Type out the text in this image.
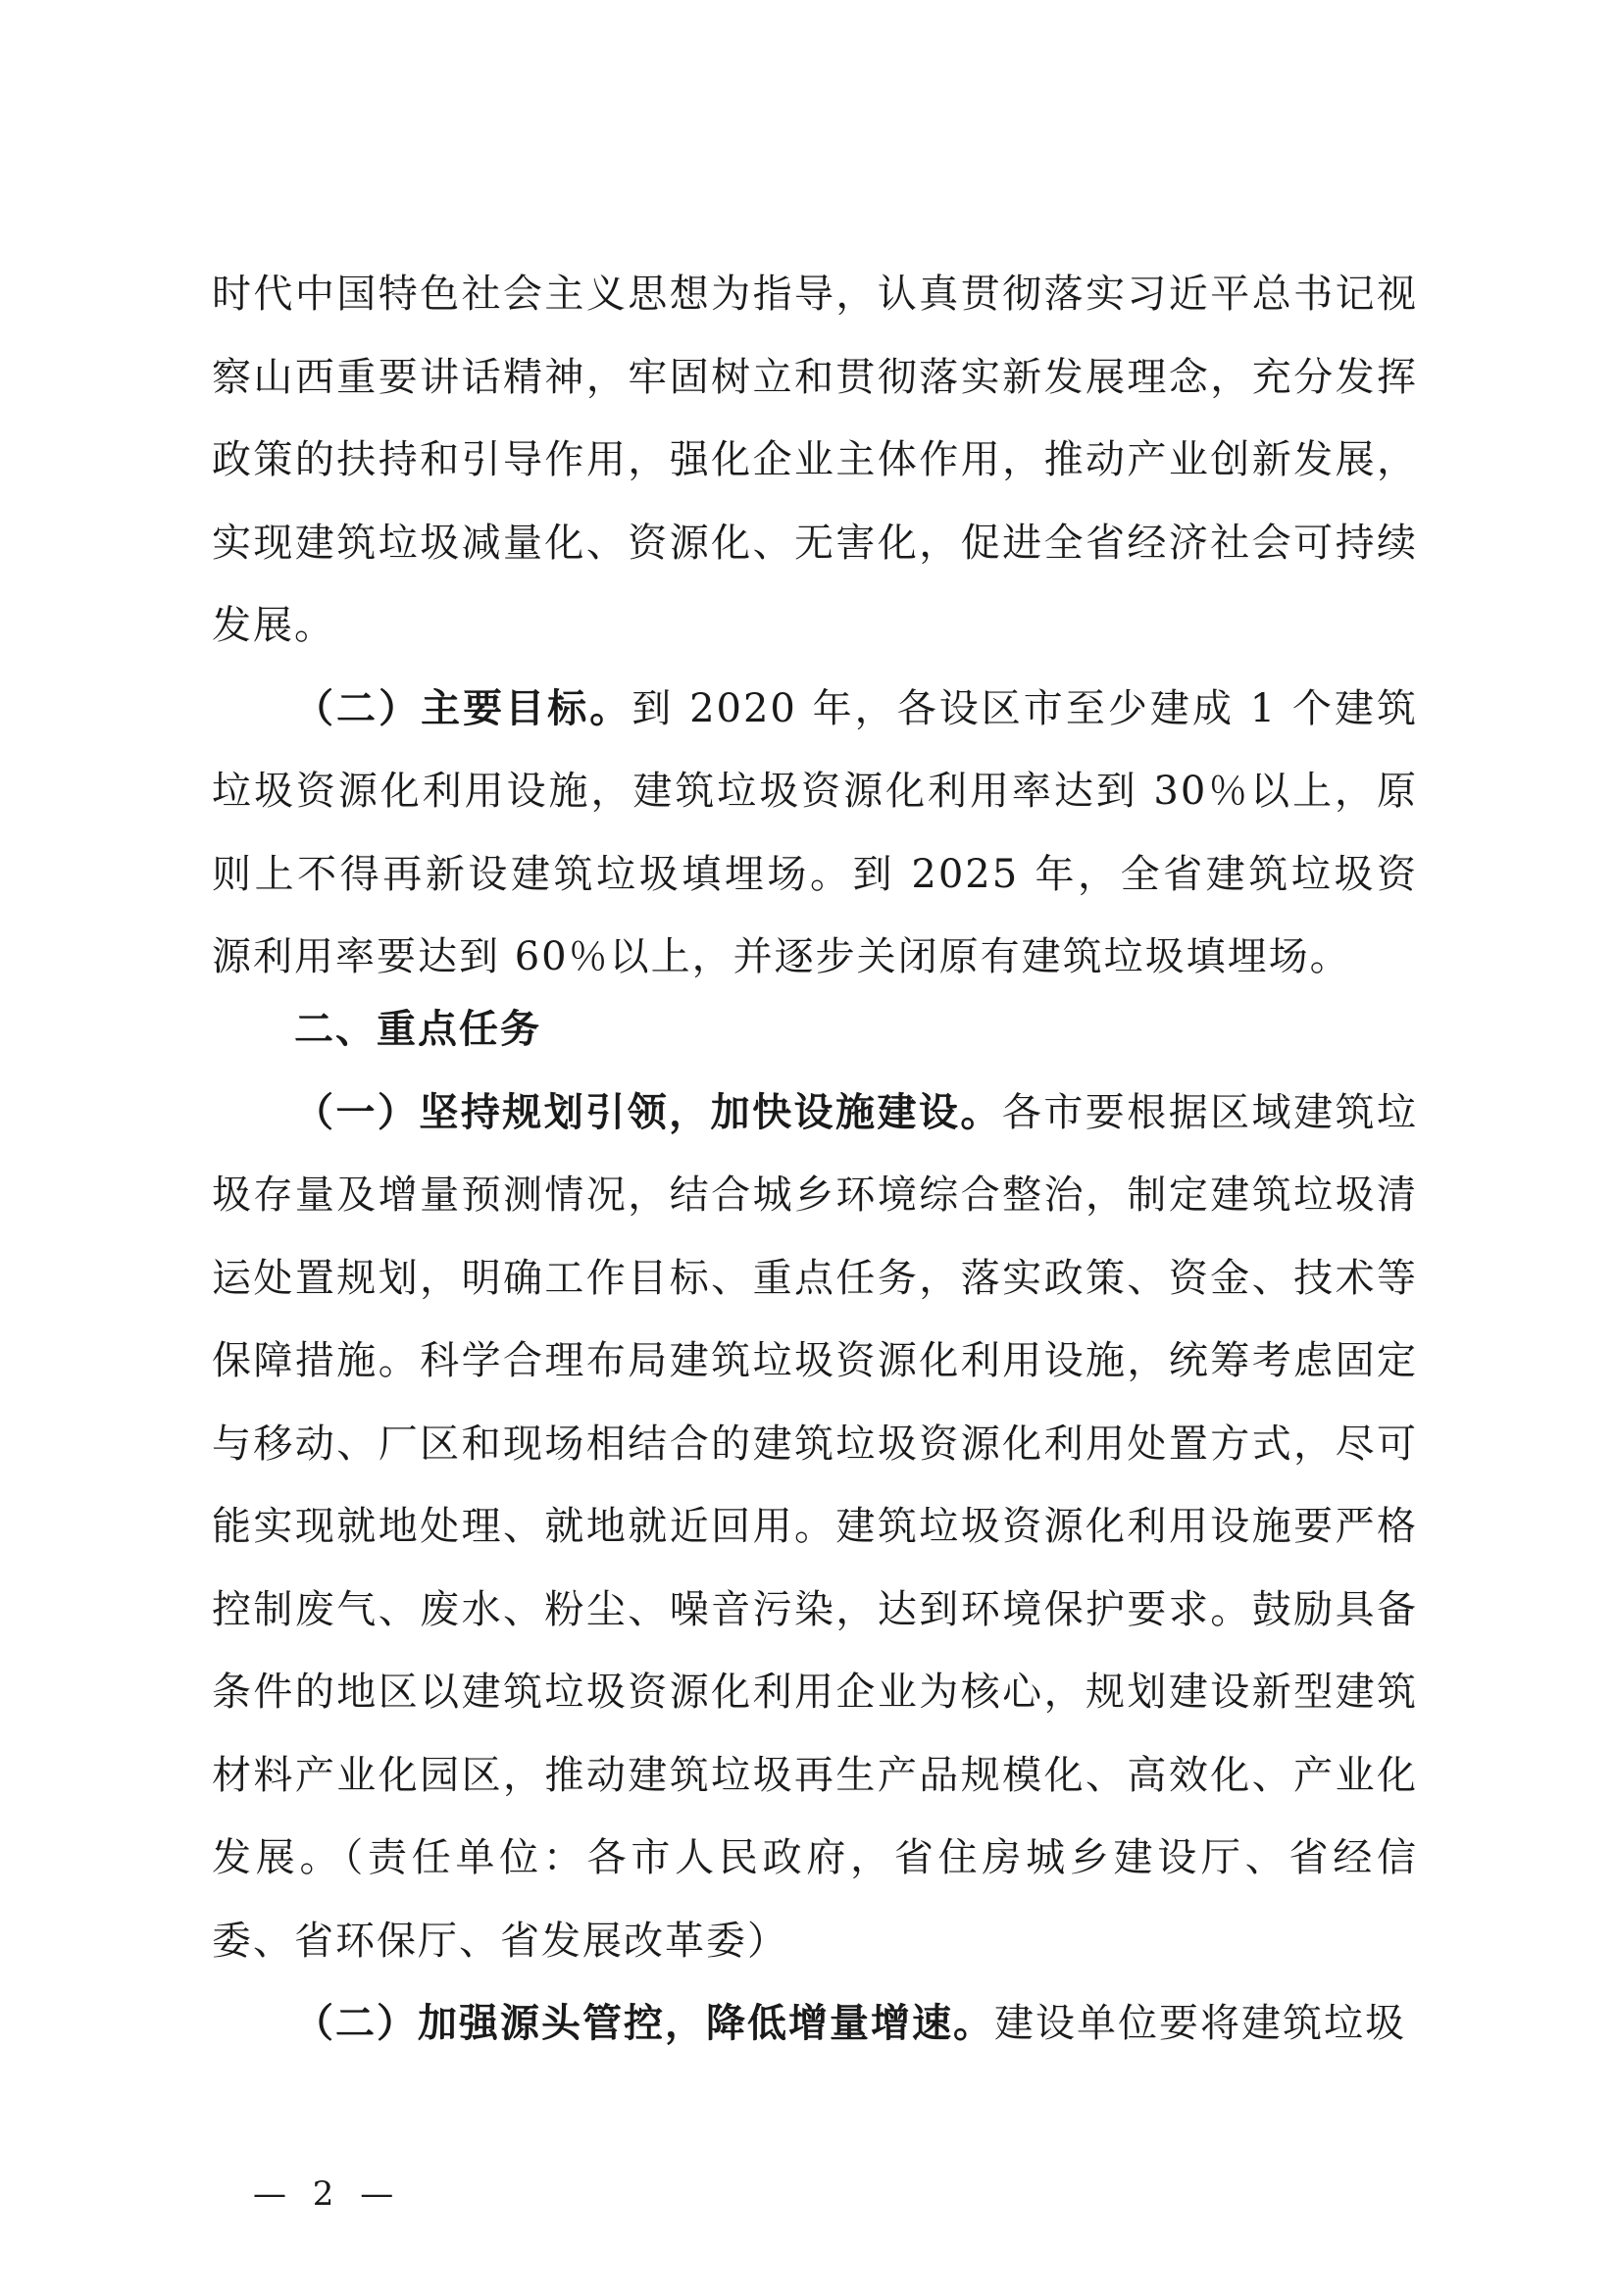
时代中国特色社会主义思想为指导，认真贯彻落实习近平总书记视察山西重要讲话精神，牢固树立和贯彻落实新发展理念，充分发挥政策的扶持和引导作用，强化企业主体作用，推动产业创新发展，实现建筑垃圾减量化、资源化、无害化，促进全省经济社会可持续发展。

（二）主要目标。到 2020 年，各设区市至少建成 1 个建筑垃圾资源化利用设施，建筑垃圾资源化利用率达到 30％以上，原则上不得再新设建筑垃圾填埋场。到 2025 年，全省建筑垃圾资源利用率要达到 60％以上，并逐步关闭原有建筑垃圾填埋场。

二、重点任务

（一）坚持规划引领，加快设施建设。各市要根据区域建筑垃圾存量及增量预测情况，结合城乡环境综合整治，制定建筑垃圾清运处置规划，明确工作目标、重点任务，落实政策、资金、技术等保障措施。科学合理布局建筑垃圾资源化利用设施，统筹考虑固定与移动、厂区和现场相结合的建筑垃圾资源化利用处置方式，尽可能实现就地处理、就地就近回用。建筑垃圾资源化利用设施要严格控制废气、废水、粉尘、噪音污染，达到环境保护要求。鼓励具备条件的地区以建筑垃圾资源化利用企业为核心，规划建设新型建筑材料产业化园区，推动建筑垃圾再生产品规模化、高效化、产业化发展。（责任单位：各市人民政府，省住房城乡建设厅、省经信委、省环保厅、省发展改革委）

（二）加强源头管控，降低增量增速。建设单位要将建筑垃圾

— 2 —
